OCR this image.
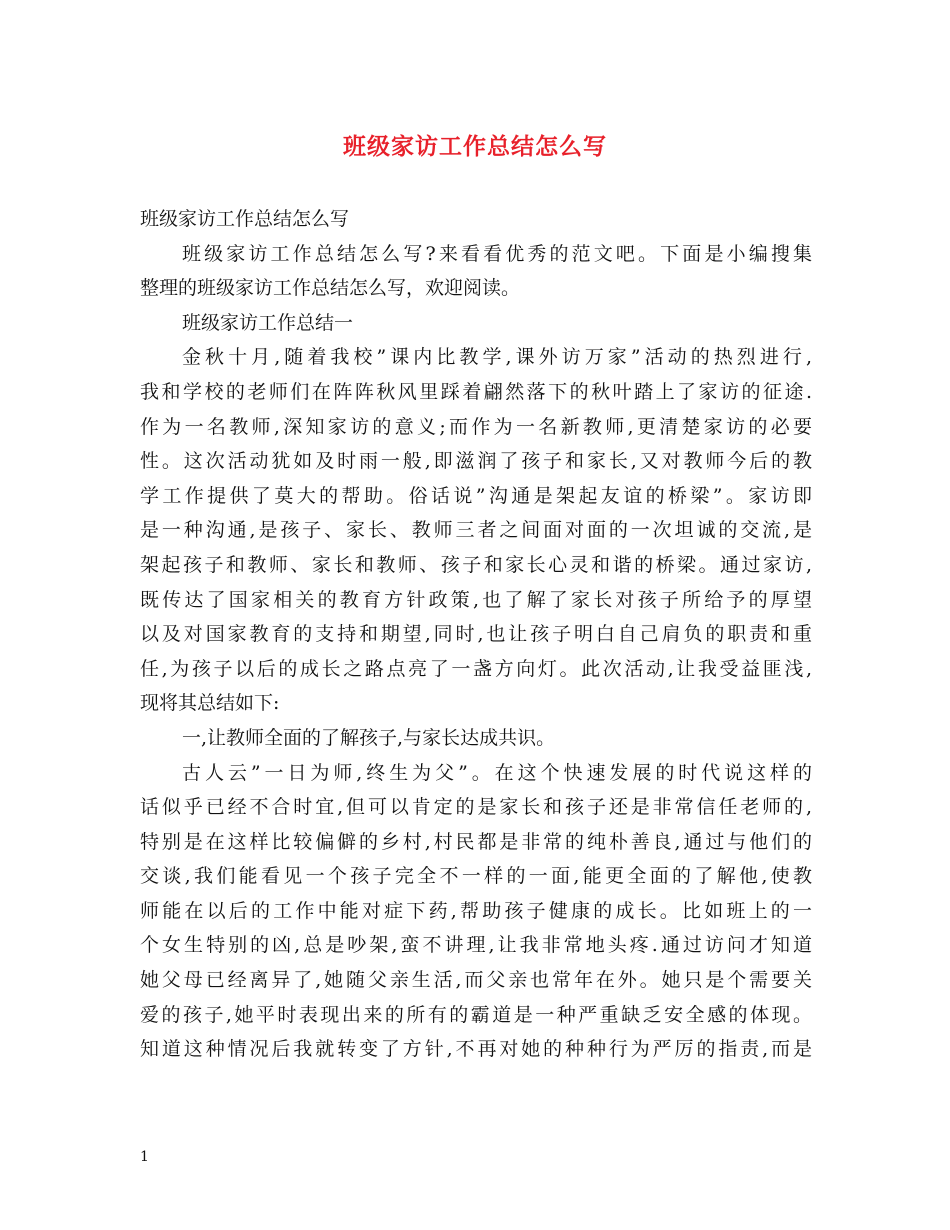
班级家访工作总结怎么写
班级家访工作总结怎么写
班级家访工作总结怎么写?来看看优秀的范文吧。下面是小编搜集
整理的班级家访工作总结怎么写，欢迎阅读。
班级家访工作总结一
金秋十月,随着我校”课内比教学,课外访万家”活动的热烈进行,
我和学校的老师们在阵阵秋风里踩着翩然落下的秋叶踏上了家访的征途.
作为一名教师,深知家访的意义;而作为一名新教师,更清楚家访的必要
性。这次活动犹如及时雨一般,即滋润了孩子和家长,又对教师今后的教
学工作提供了莫大的帮助。俗话说”沟通是架起友谊的桥梁”。家访即
是一种沟通,是孩子、家长、教师三者之间面对面的一次坦诚的交流,是
架起孩子和教师、家长和教师、孩子和家长心灵和谐的桥梁。通过家访,
既传达了国家相关的教育方针政策,也了解了家长对孩子所给予的厚望
以及对国家教育的支持和期望,同时,也让孩子明白自己肩负的职责和重
任,为孩子以后的成长之路点亮了一盏方向灯。此次活动,让我受益匪浅,
现将其总结如下:
一,让教师全面的了解孩子,与家长达成共识。
古人云”一日为师,终生为父”。在这个快速发展的时代说这样的
话似乎已经不合时宜,但可以肯定的是家长和孩子还是非常信任老师的,
特别是在这样比较偏僻的乡村,村民都是非常的纯朴善良,通过与他们的
交谈,我们能看见一个孩子完全不一样的一面,能更全面的了解他,使教
师能在以后的工作中能对症下药,帮助孩子健康的成长。比如班上的一
个女生特别的凶,总是吵架,蛮不讲理,让我非常地头疼.通过访问才知道
她父母已经离异了,她随父亲生活,而父亲也常年在外。她只是个需要关
爱的孩子,她平时表现出来的所有的霸道是一种严重缺乏安全感的体现。
知道这种情况后我就转变了方针,不再对她的种种行为严厉的指责,而是
1
